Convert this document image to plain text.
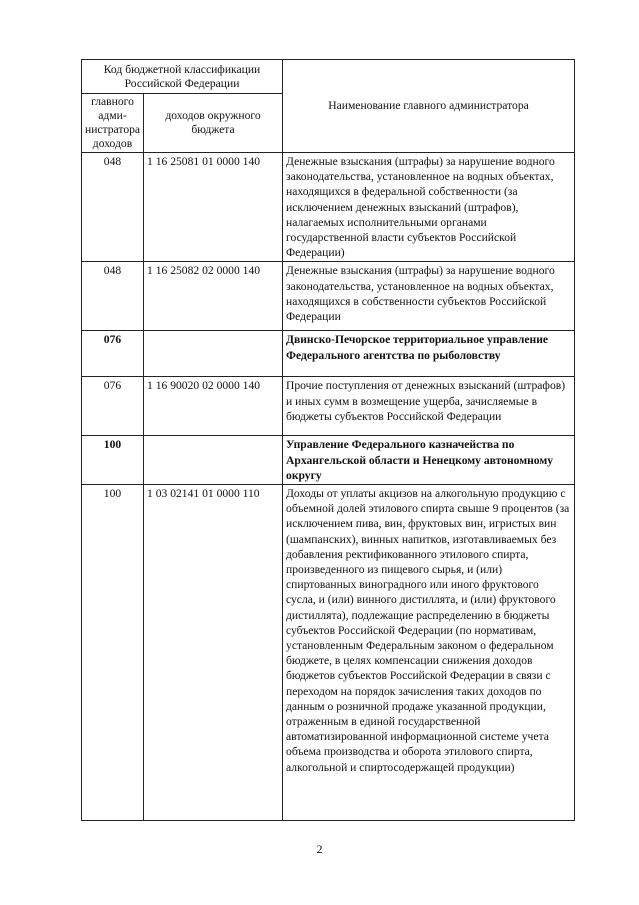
Код бюджетной классификации Российской Федерации		Наименование главного администратора
главного адми-нистратора доходов	доходов окружного бюджета	
048	1 16 25081 01 0000 140	Денежные взыскания (штрафы) за нарушение водного законодательства, установленное на водных объектах, находящихся в федеральной собственности (за исключением денежных взысканий (штрафов), налагаемых исполнительными органами государственной власти субъектов Российской Федерации)
048	1 16 25082 02 0000 140	Денежные взыскания (штрафы) за нарушение водного законодательства, установленное на водных объектах, находящихся в собственности субъектов Российской Федерации
076		Двинско-Печорское территориальное управление Федерального агентства по рыболовству
076	1 16 90020 02 0000 140	Прочие поступления от денежных взысканий (штрафов) и иных сумм в возмещение ущерба, зачисляемые в бюджеты субъектов Российской Федерации
100		Управление Федерального казначейства по Архангельской области и Ненецкому автономному округу
100	1 03 02141 01 0000 110	Доходы от уплаты акцизов на алкогольную продукцию с объемной долей этилового спирта свыше 9 процентов (за исключением пива, вин, фруктовых вин, игристых вин (шампанских), винных напитков, изготавливаемых без добавления ректификованного этилового спирта, произведенного из пищевого сырья, и (или) спиртованных виноградного или иного фруктового сусла, и (или) винного дистиллята, и (или) фруктового дистиллята), подлежащие распределению в бюджеты субъектов Российской Федерации (по нормативам, установленным Федеральным законом о федеральном бюджете, в целях компенсации снижения доходов бюджетов субъектов Российской Федерации в связи с переходом на порядок зачисления таких доходов по данным о розничной продаже указанной продукции, отраженным в единой государственной автоматизированной информационной системе учета объема производства и оборота этилового спирта, алкогольной и спиртосодержащей продукции)
2
